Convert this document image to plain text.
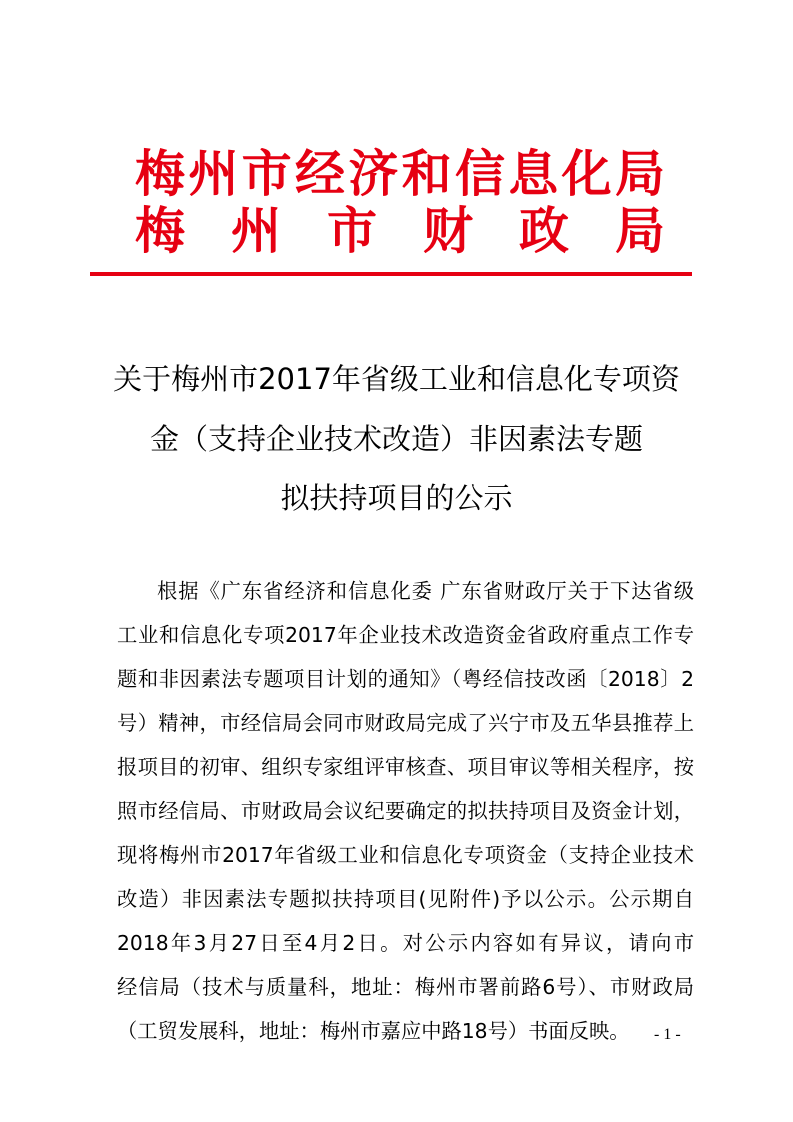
梅 州 市 经 济 和 信 息 化 局
梅 州 市 财 政 局
关于梅州市2017年省级工业和信息化专项资
金（支持企业技术改造）非因素法专题
拟扶持项目的公示
根据《广东省经济和信息化委 广东省财政厅关于下达省级
工业和信息化专项2017年企业技术改造资金省政府重点工作专
题和非因素法专题项目计划的通知》（粤经信技改函〔2018〕2
号）精神，市经信局会同市财政局完成了兴宁市及五华县推荐上
报项目的初审、组织专家组评审核查、项目审议等相关程序，按
照市经信局、市财政局会议纪要确定的拟扶持项目及资金计划，
现将梅州市2017年省级工业和信息化专项资金（支持企业技术
改造）非因素法专题拟扶持项目(见附件)予以公示。公示期自
2018年3月27日至4月2日。对公示内容如有异议，请向市
经信局（技术与质量科，地址：梅州市署前路6号）、市财政局
（工贸发展科，地址：梅州市嘉应中路18号）书面反映。 - 1 -
